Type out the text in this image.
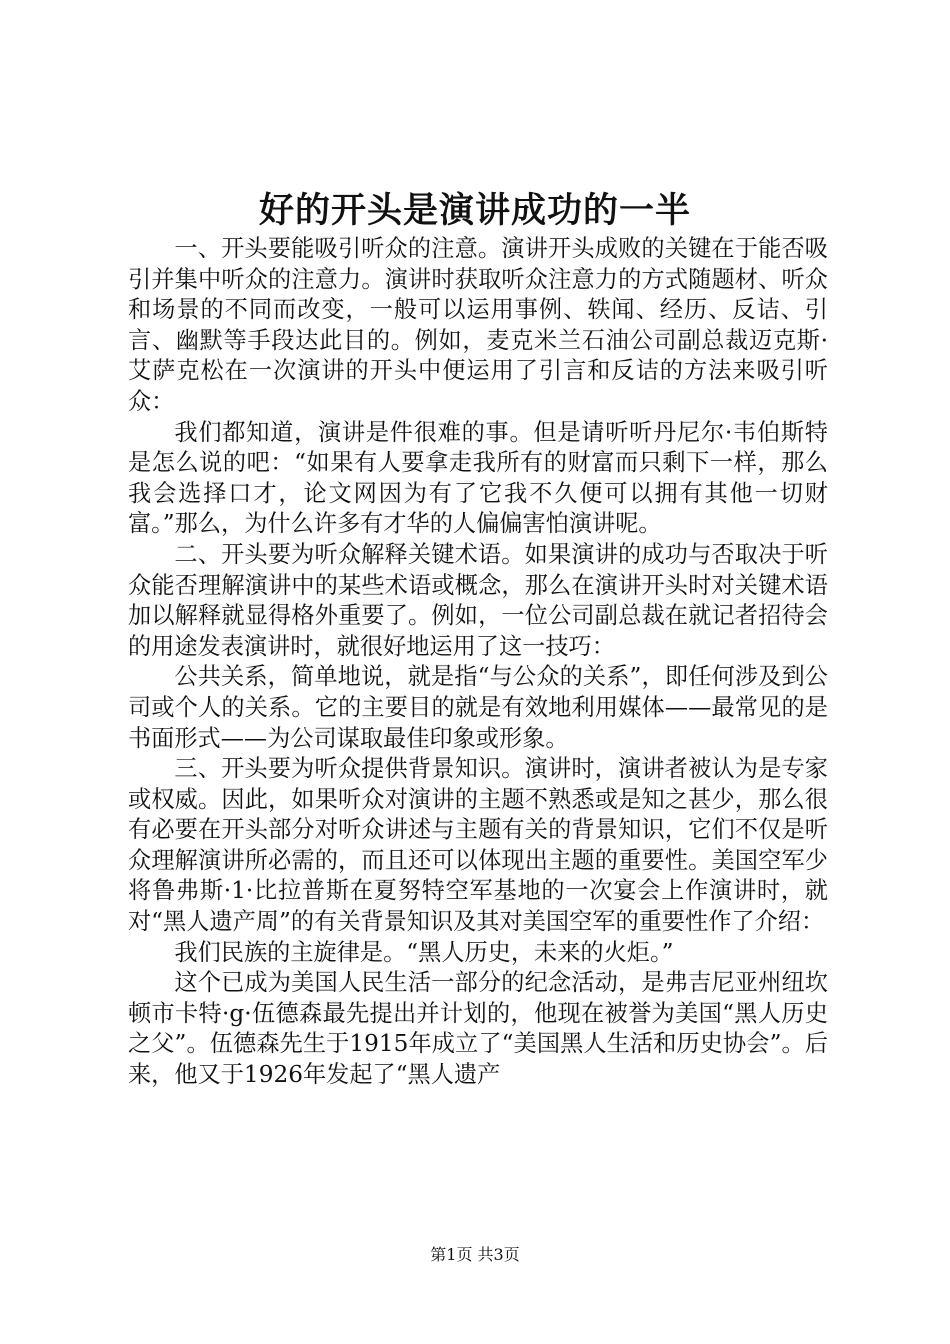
好的开头是演讲成功的一半

一、开头要能吸引听众的注意。演讲开头成败的关键在于能否吸引并集中听众的注意力。演讲时获取听众注意力的方式随题材、听众和场景的不同而改变，一般可以运用事例、轶闻、经历、反诘、引言、幽默等手段达此目的。例如，麦克米兰石油公司副总裁迈克斯·艾萨克松在一次演讲的开头中便运用了引言和反诘的方法来吸引听众：

我们都知道，演讲是件很难的事。但是请听听丹尼尔·韦伯斯特是怎么说的吧：“如果有人要拿走我所有的财富而只剩下一样，那么我会选择口才，论文网因为有了它我不久便可以拥有其他一切财富。”那么，为什么许多有才华的人偏偏害怕演讲呢。

二、开头要为听众解释关键术语。如果演讲的成功与否取决于听众能否理解演讲中的某些术语或概念，那么在演讲开头时对关键术语加以解释就显得格外重要了。例如，一位公司副总裁在就记者招待会的用途发表演讲时，就很好地运用了这一技巧：

公共关系，简单地说，就是指“与公众的关系”，即任何涉及到公司或个人的关系。它的主要目的就是有效地利用媒体——最常见的是书面形式——为公司谋取最佳印象或形象。

三、开头要为听众提供背景知识。演讲时，演讲者被认为是专家或权威。因此，如果听众对演讲的主题不熟悉或是知之甚少，那么很有必要在开头部分对听众讲述与主题有关的背景知识，它们不仅是听众理解演讲所必需的，而且还可以体现出主题的重要性。美国空军少将鲁弗斯·1·比拉普斯在夏努特空军基地的一次宴会上作演讲时，就对“黑人遗产周”的有关背景知识及其对美国空军的重要性作了介绍：

我们民族的主旋律是。“黑人历史，未来的火炬。”

这个已成为美国人民生活一部分的纪念活动，是弗吉尼亚州纽坎顿市卡特·g·伍德森最先提出并计划的，他现在被誉为美国“黑人历史之父”。伍德森先生于1915年成立了“美国黑人生活和历史协会”。后来，他又于1926年发起了“黑人遗产

第1页 共3页
